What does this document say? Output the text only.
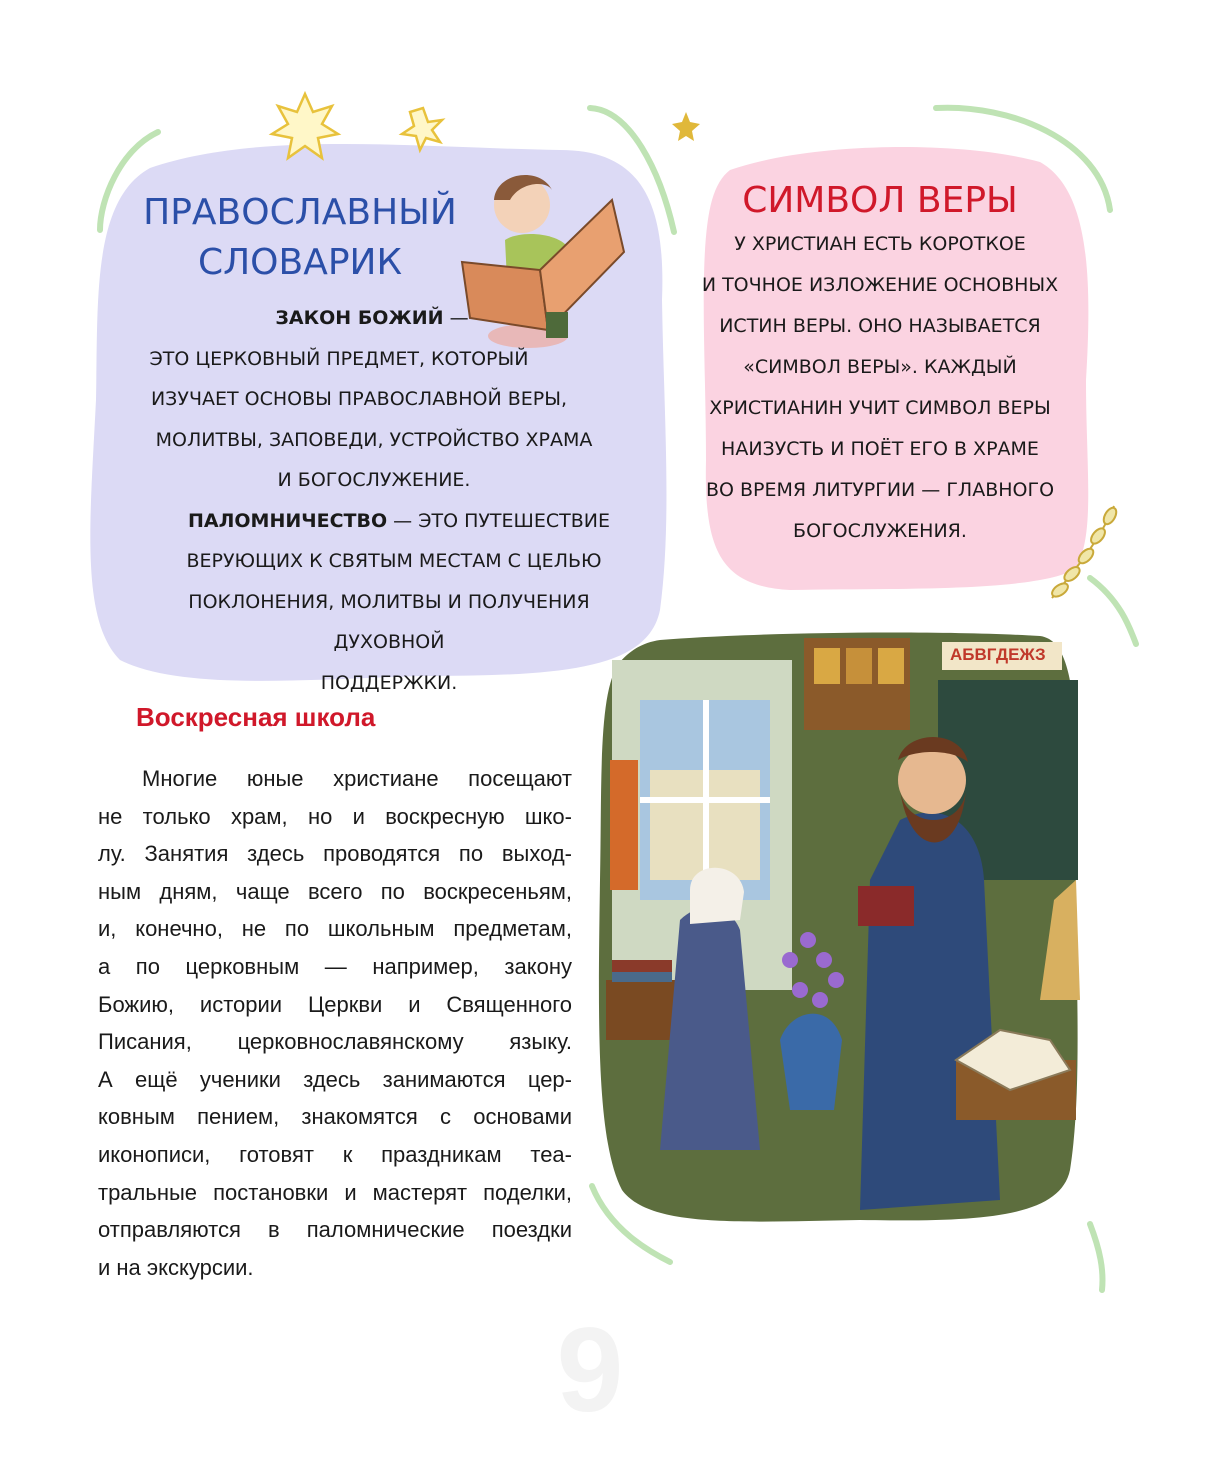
ПРАВОСЛАВНЫЙ
СЛОВАРИК
ЗАКОН БОЖИЙ —
ЭТО ЦЕРКОВНЫЙ ПРЕДМЕТ, КОТОРЫЙ
ИЗУЧАЕТ ОСНОВЫ ПРАВОСЛАВНОЙ ВЕРЫ,
МОЛИТВЫ, ЗАПОВЕДИ, УСТРОЙСТВО ХРАМА
И БОГОСЛУЖЕНИЕ.
ПАЛОМНИЧЕСТВО — ЭТО ПУТЕШЕСТВИЕ
ВЕРУЮЩИХ К СВЯТЫМ МЕСТАМ С ЦЕЛЬЮ
ПОКЛОНЕНИЯ, МОЛИТВЫ И ПОЛУЧЕНИЯ ДУХОВНОЙ
ПОДДЕРЖКИ.
СИМВОЛ ВЕРЫ
У ХРИСТИАН ЕСТЬ КОРОТКОЕ
И ТОЧНОЕ ИЗЛОЖЕНИЕ ОСНОВНЫХ
ИСТИН ВЕРЫ. ОНО НАЗЫВАЕТСЯ
«СИМВОЛ ВЕРЫ». КАЖДЫЙ
ХРИСТИАНИН УЧИТ СИМВОЛ ВЕРЫ
НАИЗУСТЬ И ПОЁТ ЕГО В ХРАМЕ
ВО ВРЕМЯ ЛИТУРГИИ — ГЛАВНОГО
БОГОСЛУЖЕНИЯ.
АБВГДЕЖЗ
Воскресная школа
Многие юные христиане посещают
не только храм, но и воскресную шко-
лу. Занятия здесь проводятся по выход-
ным дням, чаще всего по воскресеньям,
и, конечно, не по школьным предметам,
а по церковным — например, закону
Божию, истории Церкви и Священного
Писания, церковнославянскому языку.
А ещё ученики здесь занимаются цер-
ковным пением, знакомятся с основами
иконописи, готовят к праздникам теа-
тральные постановки и мастерят поделки,
отправляются в паломнические поездки
и на экскурсии.
9
